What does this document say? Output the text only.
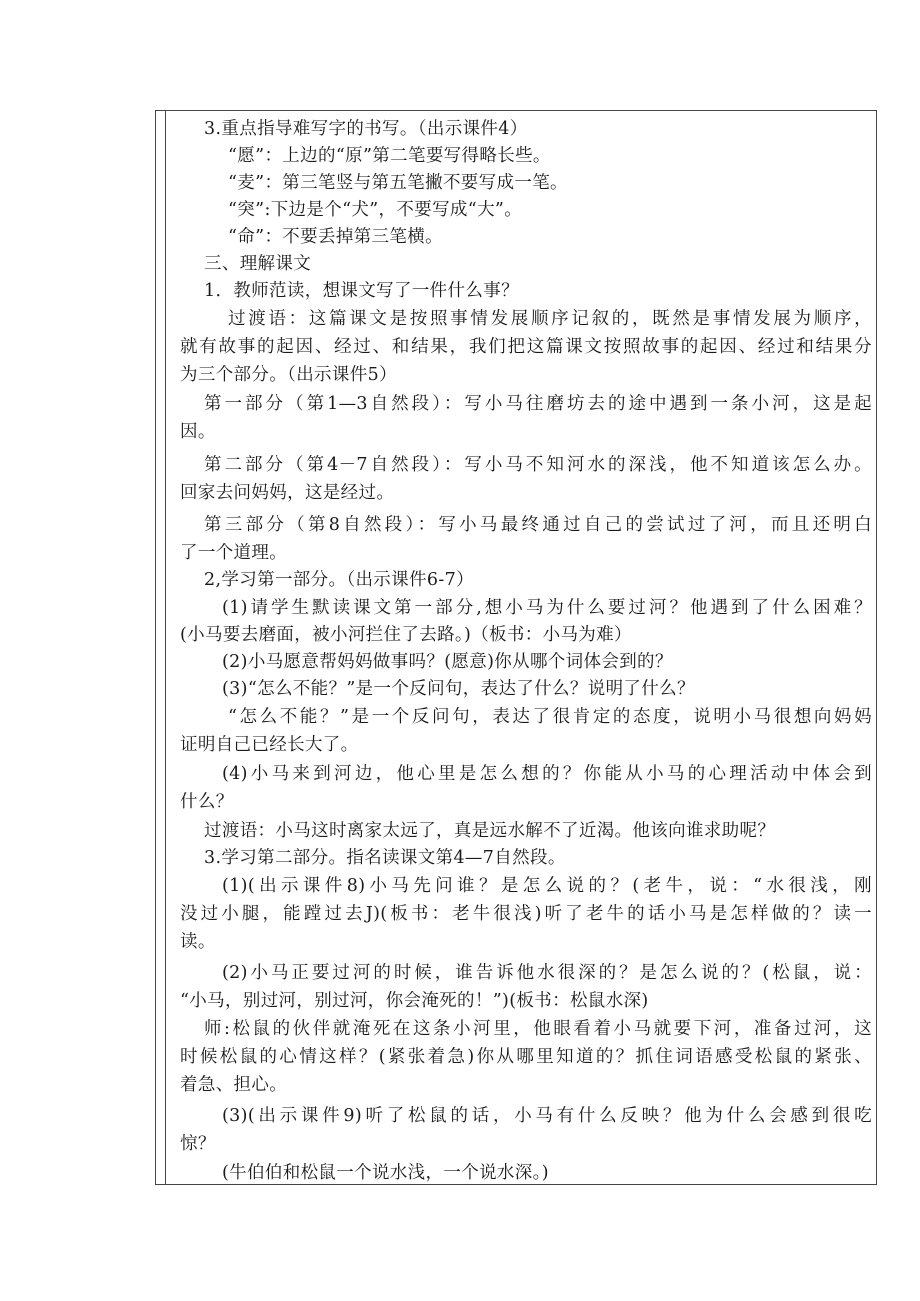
3.重点指导难写字的书写。（出示课件4）
“愿”：上边的“原”第二笔要写得略长些。
“麦”：第三笔竖与第五笔撇不要写成一笔。
“突”:下边是个“犬”，不要写成“大”。
“命”：不要丢掉第三笔横。
三、理解课文
1．教师范读，想课文写了一件什么事？
过渡语：这篇课文是按照事情发展顺序记叙的，既然是事情发展为顺序，
就有故事的起因、经过、和结果，我们把这篇课文按照故事的起因、经过和结果分
为三个部分。（出示课件5）
第一部分（第1—3自然段）：写小马往磨坊去的途中遇到一条小河，这是起
因。
第二部分（第4－7自然段）：写小马不知河水的深浅，他不知道该怎么办。
回家去问妈妈，这是经过。
第三部分（第8自然段）：写小马最终通过自己的尝试过了河，而且还明白
了一个道理。
2,学习第一部分。（出示课件6-7）
(1)请学生默读课文第一部分,想小马为什么要过河？他遇到了什么困难？
(小马要去磨面，被小河拦住了去路。)（板书：小马为难）
(2)小马愿意帮妈妈做事吗？(愿意)你从哪个词体会到的？
(3)“怎么不能？”是一个反问句，表达了什么？说明了什么？
“怎么不能？”是一个反问句，表达了很肯定的态度，说明小马很想向妈妈
证明自己已经长大了。
(4)小马来到河边，他心里是怎么想的？你能从小马的心理活动中体会到
什么？
过渡语：小马这时离家太远了，真是远水解不了近渴。他该向谁求助呢？
3.学习第二部分。指名读课文第4—7自然段。
(1)(出示课件8)小马先问谁？是怎么说的？(老牛，说：“水很浅，刚
没过小腿，能蹚过去J)(板书：老牛很浅)听了老牛的话小马是怎样做的？读一
读。
(2)小马正要过河的时候，谁告诉他水很深的？是怎么说的？(松鼠，说：
“小马，别过河，别过河，你会淹死的！”)(板书：松鼠水深)
师:松鼠的伙伴就淹死在这条小河里，他眼看着小马就要下河，准备过河，这
时候松鼠的心情这样？(紧张着急)你从哪里知道的？抓住词语感受松鼠的紧张、
着急、担心。
(3)(出示课件9)听了松鼠的话，小马有什么反映？他为什么会感到很吃
惊？
(牛伯伯和松鼠一个说水浅，一个说水深。)
